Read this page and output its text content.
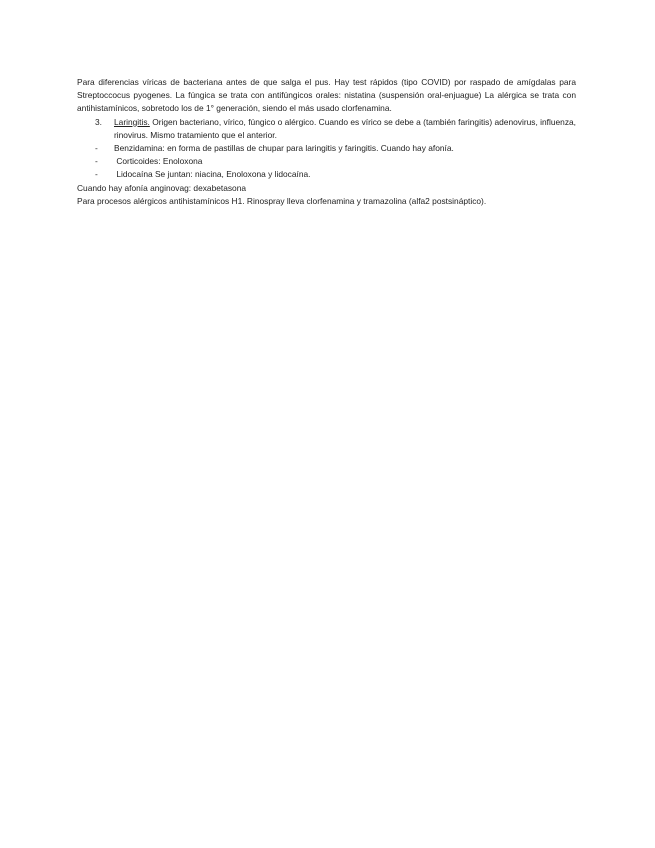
Para diferencias víricas de bacteriana antes de que salga el pus. Hay test rápidos (tipo COVID) por raspado de amígdalas para Streptoccocus pyogenes. La fúngica se trata con antifúngicos orales: nistatina (suspensión oral-enjuague) La alérgica se trata con antihistamínicos, sobretodo los de 1° generación, siendo el más usado clorfenamina.

3. Laringitis. Origen bacteriano, vírico, fúngico o alérgico. Cuando es vírico se debe a (también faringitis) adenovirus, influenza, rinovirus. Mismo tratamiento que el anterior.

- Benzidamina: en forma de pastillas de chupar para laringitis y faringitis. Cuando hay afonía.

- Corticoides: Enoloxona

- Lidocaína Se juntan: niacina, Enoloxona y lidocaína.

Cuando hay afonía anginovag: dexabetasona

Para procesos alérgicos antihistamínicos H1. Rinospray lleva clorfenamina y tramazolina (alfa2 postsináptico).
